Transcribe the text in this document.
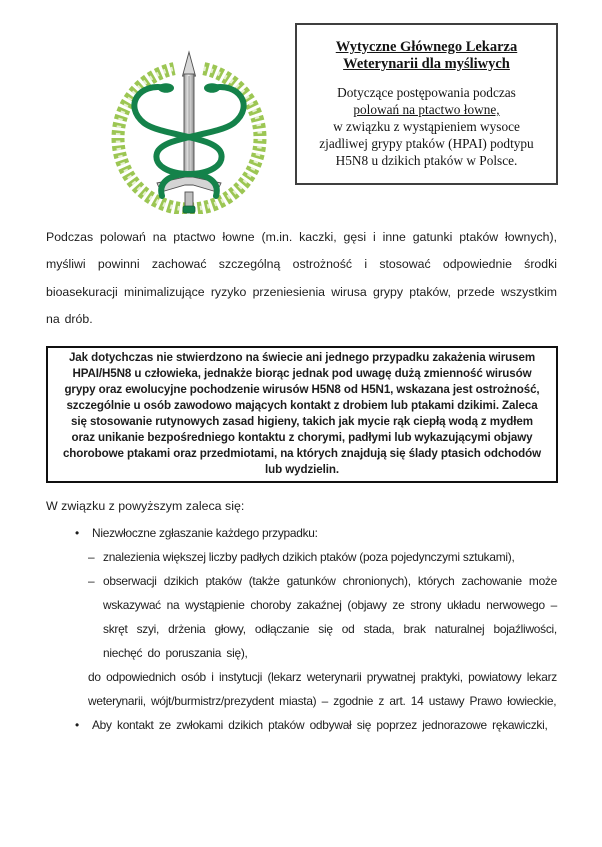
Wytyczne Głównego Lekarza
Weterynarii dla myśliwych
Dotyczące postępowania podczas
polowań na ptactwo łowne,
w związku z wystąpieniem wysoce
zjadliwej grypy ptaków (HPAI) podtypu
H5N8 u dzikich ptaków w Polsce.
Podczas polowań na ptactwo łowne (m.in. kaczki, gęsi i inne gatunki ptaków łownych), myśliwi powinni zachować szczególną ostrożność i stosować odpowiednie środki bioasekuracji minimalizujące ryzyko przeniesienia wirusa grypy ptaków, przede wszystkim na drób.
Jak dotychczas nie stwierdzono na świecie ani jednego przypadku zakażenia wirusem HPAI/H5N8 u człowieka, jednakże biorąc jednak pod uwagę dużą zmienność wirusów grypy oraz ewolucyjne pochodzenie wirusów H5N8 od H5N1, wskazana jest ostrożność, szczególnie u osób zawodowo mających kontakt z drobiem lub ptakami dzikimi. Zaleca się stosowanie rutynowych zasad higieny, takich jak mycie rąk ciepłą wodą z mydłem oraz unikanie bezpośredniego kontaktu z chorymi, padłymi lub wykazującymi objawy chorobowe ptakami oraz przedmiotami, na których znajdują się ślady ptasich odchodów lub wydzielin.
W związku z powyższym zaleca się:
•	Niezwłoczne zgłaszanie każdego przypadku:
– znalezienia większej liczby padłych dzikich ptaków (poza pojedynczymi sztukami),
– obserwacji dzikich ptaków (także gatunków chronionych), których zachowanie może wskazywać na wystąpienie choroby zakaźnej (objawy ze strony układu nerwowego – skręt szyi, drżenia głowy, odłączanie się od stada, brak naturalnej bojaźliwości, niechęć do poruszania się),
do odpowiednich osób i instytucji (lekarz weterynarii prywatnej praktyki, powiatowy lekarz weterynarii, wójt/burmistrz/prezydent miasta) – zgodnie z art. 14 ustawy Prawo łowieckie,
•	Aby kontakt ze zwłokami dzikich ptaków odbywał się poprzez jednorazowe rękawiczki,
